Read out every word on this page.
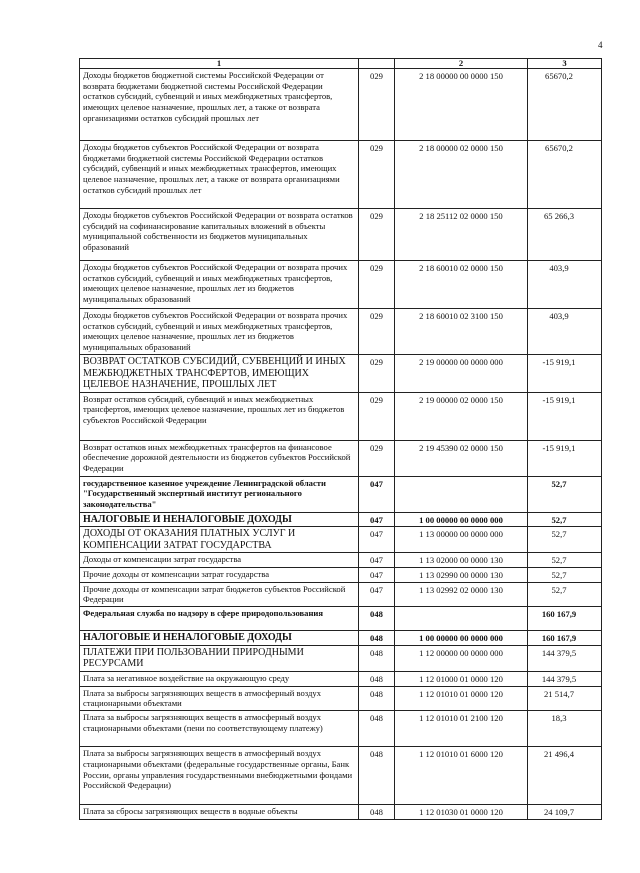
4
1		2	3
Доходы бюджетов бюджетной системы Российской Федерации от возврата бюджетами бюджетной системы Российской Федерации остатков субсидий, субвенций и иных межбюджетных трансфертов, имеющих целевое назначение, прошлых лет, а также от возврата организациями остатков субсидий прошлых лет	029	2 18 00000 00 0000 150	65670,2
Доходы бюджетов субъектов Российской Федерации от возврата бюджетами бюджетной системы Российской Федерации остатков субсидий, субвенций и иных межбюджетных трансфертов, имеющих целевое назначение, прошлых лет, а также от возврата организациями остатков субсидий прошлых лет	029	2 18 00000 02 0000 150	65670,2
Доходы бюджетов субъектов Российской Федерации от возврата остатков субсидий на софинансирование капитальных вложений в объекты муниципальной собственности из бюджетов муниципальных образований	029	2 18 25112 02 0000 150	65 266,3
Доходы бюджетов субъектов Российской Федерации от возврата прочих остатков субсидий, субвенций и иных межбюджетных трансфертов, имеющих целевое назначение, прошлых лет из бюджетов муниципальных образований	029	2 18 60010 02 0000 150	403,9
Доходы бюджетов субъектов Российской Федерации от возврата прочих остатков субсидий, субвенций и иных межбюджетных трансфертов, имеющих целевое назначение, прошлых лет из бюджетов муниципальных образований	029	2 18 60010 02 3100 150	403,9
ВОЗВРАТ ОСТАТКОВ СУБСИДИЙ, СУБВЕНЦИЙ И ИНЫХ МЕЖБЮДЖЕТНЫХ ТРАНСФЕРТОВ, ИМЕЮЩИХ ЦЕЛЕВОЕ НАЗНАЧЕНИЕ, ПРОШЛЫХ ЛЕТ	029	2 19 00000 00 0000 000	-15 919,1
Возврат остатков субсидий, субвенций и иных межбюджетных трансфертов, имеющих целевое назначение, прошлых лет из бюджетов субъектов Российской Федерации	029	2 19 00000 02 0000 150	-15 919,1
Возврат остатков иных межбюджетных трансфертов на финансовое обеспечение дорожной деятельности из бюджетов субъектов Российской Федерации	029	2 19 45390 02 0000 150	-15 919,1
государственное казенное учреждение Ленинградской области "Государственный экспертный институт регионального законодательства"	047		52,7
НАЛОГОВЫЕ И НЕНАЛОГОВЫЕ ДОХОДЫ	047	1 00 00000 00 0000 000	52,7
ДОХОДЫ ОТ ОКАЗАНИЯ ПЛАТНЫХ УСЛУГ И КОМПЕНСАЦИИ ЗАТРАТ ГОСУДАРСТВА	047	1 13 00000 00 0000 000	52,7
Доходы от компенсации затрат государства	047	1 13 02000 00 0000 130	52,7
Прочие доходы от компенсации затрат государства	047	1 13 02990 00 0000 130	52,7
Прочие доходы от компенсации затрат бюджетов субъектов Российской Федерации	047	1 13 02992 02 0000 130	52,7
Федеральная служба по надзору в сфере природопользования	048		160 167,9
НАЛОГОВЫЕ И НЕНАЛОГОВЫЕ ДОХОДЫ	048	1 00 00000 00 0000 000	160 167,9
ПЛАТЕЖИ ПРИ ПОЛЬЗОВАНИИ ПРИРОДНЫМИ РЕСУРСАМИ	048	1 12 00000 00 0000 000	144 379,5
Плата за негативное воздействие на окружающую среду	048	1 12 01000 01 0000 120	144 379,5
Плата за выбросы загрязняющих веществ в атмосферный воздух стационарными объектами	048	1 12 01010 01 0000 120	21 514,7
Плата за выбросы загрязняющих веществ в атмосферный воздух стационарными объектами (пени по соответствующему платежу)	048	1 12 01010 01 2100 120	18,3
Плата за выбросы загрязняющих веществ в атмосферный воздух стационарными объектами (федеральные государственные органы, Банк России, органы управления государственными внебюджетными фондами Российской Федерации)	048	1 12 01010 01 6000 120	21 496,4
Плата за сбросы загрязняющих веществ в водные объекты	048	1 12 01030 01 0000 120	24 109,7
